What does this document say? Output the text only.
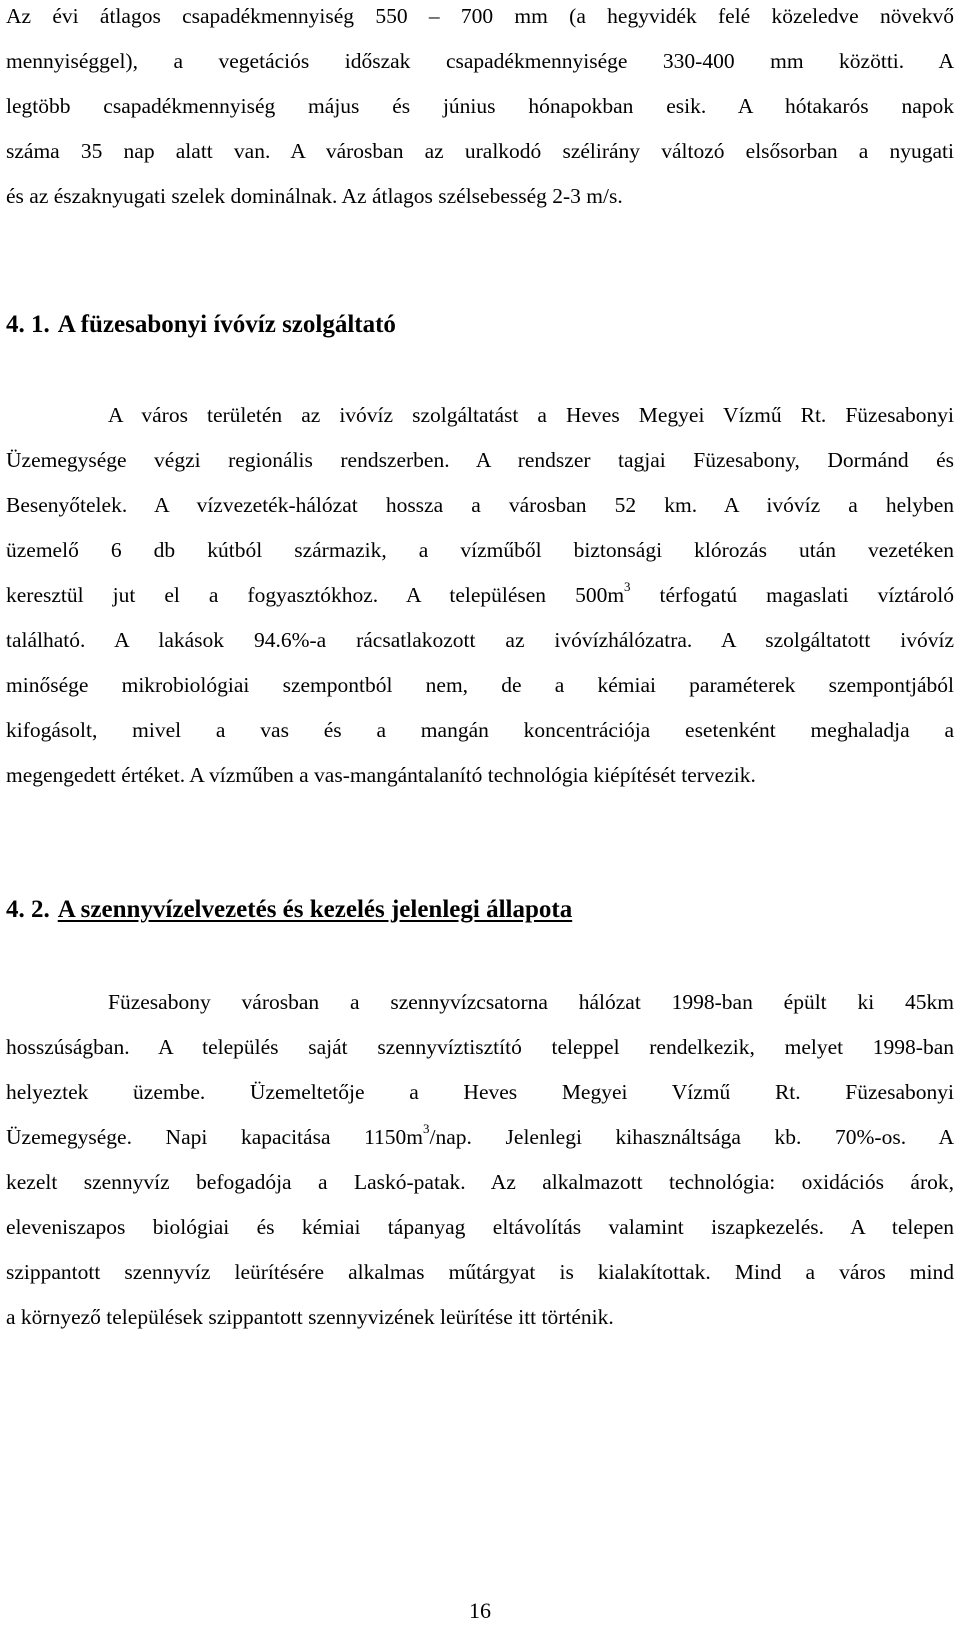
Az évi átlagos csapadékmennyiség 550 – 700 mm (a hegyvidék felé közeledve növekvő
mennyiséggel), a vegetációs időszak csapadékmennyisége 330-400 mm közötti. A
legtöbb csapadékmennyiség május és június hónapokban esik. A hótakarós napok
száma 35 nap alatt van. A városban az uralkodó szélirány változó elsősorban a nyugati
és az északnyugati szelek dominálnak. Az átlagos szélsebesség 2-3 m/s.
4. 1. A füzesabonyi ívóvíz szolgáltató
A város területén az ivóvíz szolgáltatást a Heves Megyei Vízmű Rt. Füzesabonyi
Üzemegysége végzi regionális rendszerben. A rendszer tagjai Füzesabony, Dormánd és
Besenyőtelek. A vízvezeték-hálózat hossza a városban 52 km. A ivóvíz a helyben
üzemelő 6 db kútból származik, a vízműből biztonsági klórozás után vezetéken
keresztül jut el a fogyasztókhoz. A településen $500m^3$ térfogatú magaslati víztároló
található. A lakások 94.6%-a rácsatlakozott az ivóvízhálózatra. A szolgáltatott ivóvíz
minősége mikrobiológiai szempontból nem, de a kémiai paraméterek szempontjából
kifogásolt, mivel a vas és a mangán koncentrációja esetenként meghaladja a
megengedett értéket. A vízműben a vas-mangántalanító technológia kiépítését tervezik.
4. 2. A szennyvízelvezetés és kezelés jelenlegi állapota
Füzesabony városban a szennyvízcsatorna hálózat 1998-ban épült ki 45km
hosszúságban. A település saját szennyvíztisztító teleppel rendelkezik, melyet 1998-ban
helyeztek üzembe. Üzemeltetője a Heves Megyei Vízmű Rt. Füzesabonyi
Üzemegysége. Napi kapacitása $1150m^3$/nap. Jelenlegi kihasználtsága kb. 70%-os. A
kezelt szennyvíz befogadója a Laskó-patak. Az alkalmazott technológia: oxidációs árok,
eleveniszapos biológiai és kémiai tápanyag eltávolítás valamint iszapkezelés. A telepen
szippantott szennyvíz leürítésére alkalmas műtárgyat is kialakítottak. Mind a város mind
a környező települések szippantott szennyvizének leürítése itt történik.
16
